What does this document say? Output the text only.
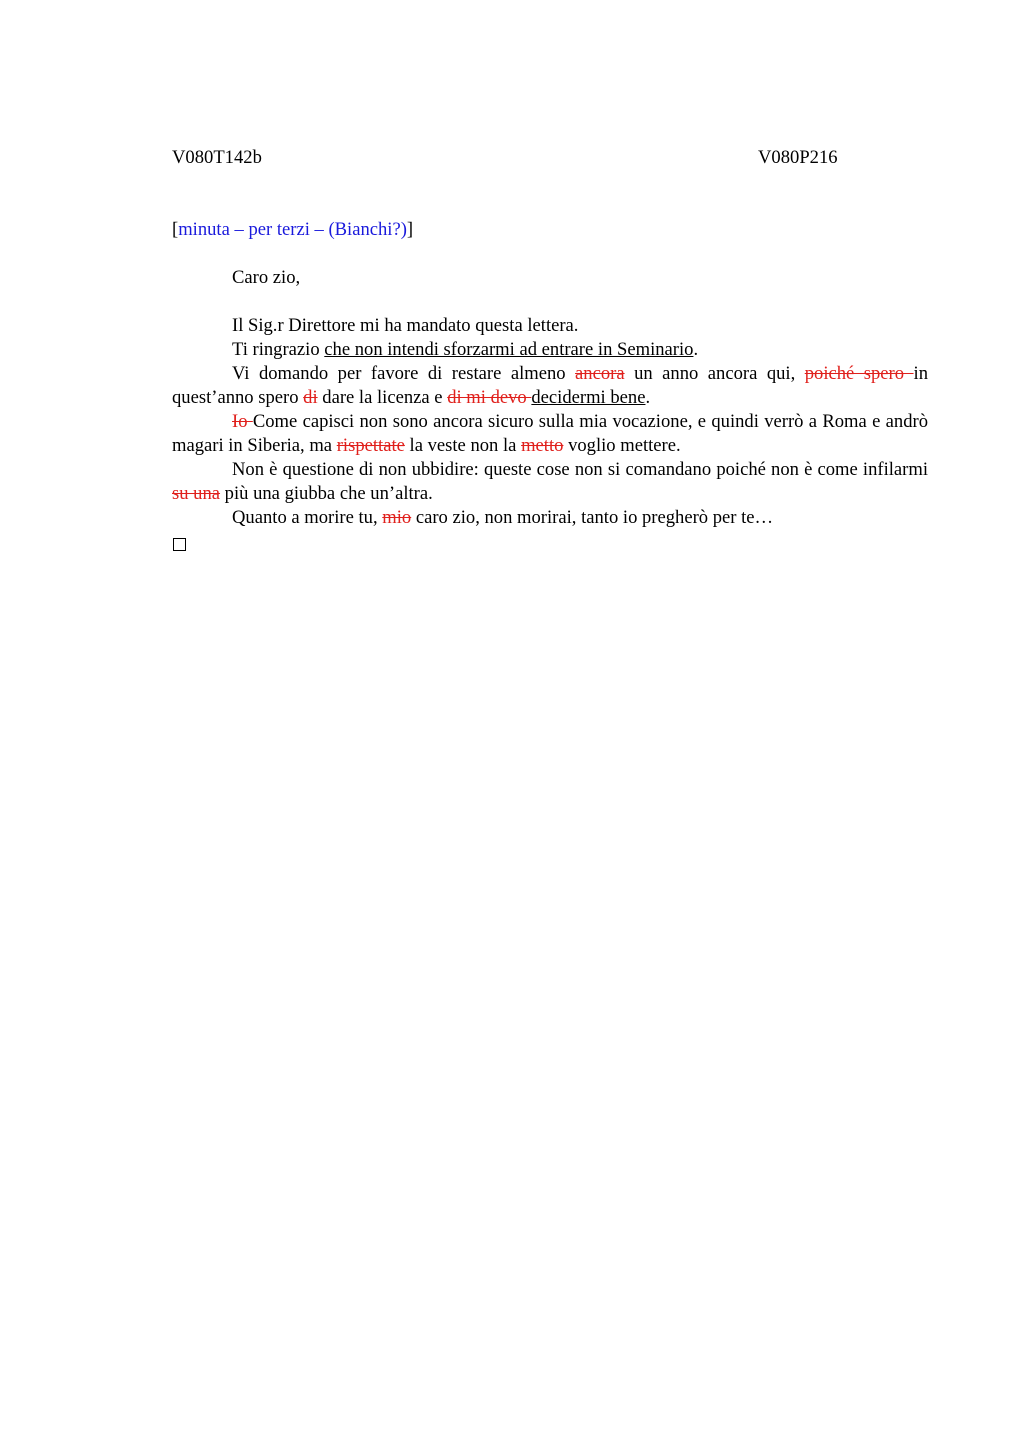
V080T142b	V080P216
[minuta – per terzi – (Bianchi?)]
Caro zio,

Il Sig.r Direttore mi ha mandato questa lettera.

Ti ringrazio che non intendi sforzarmi ad entrare in Seminario.

Vi domando per favore di restare almeno ancora un anno ancora qui, poiché spero in quest’anno spero di dare la licenza e di mi devo decidermi bene.

Io Come capisci non sono ancora sicuro sulla mia vocazione, e quindi verrò a Roma e andrò magari in Siberia, ma rispettate la veste non la metto voglio mettere.

Non è questione di non ubbidire: queste cose non si comandano poiché non è come infilarmi su una più una giubba che un’altra.

Quanto a morire tu, mio caro zio, non morirai, tanto io pregherò per te…
